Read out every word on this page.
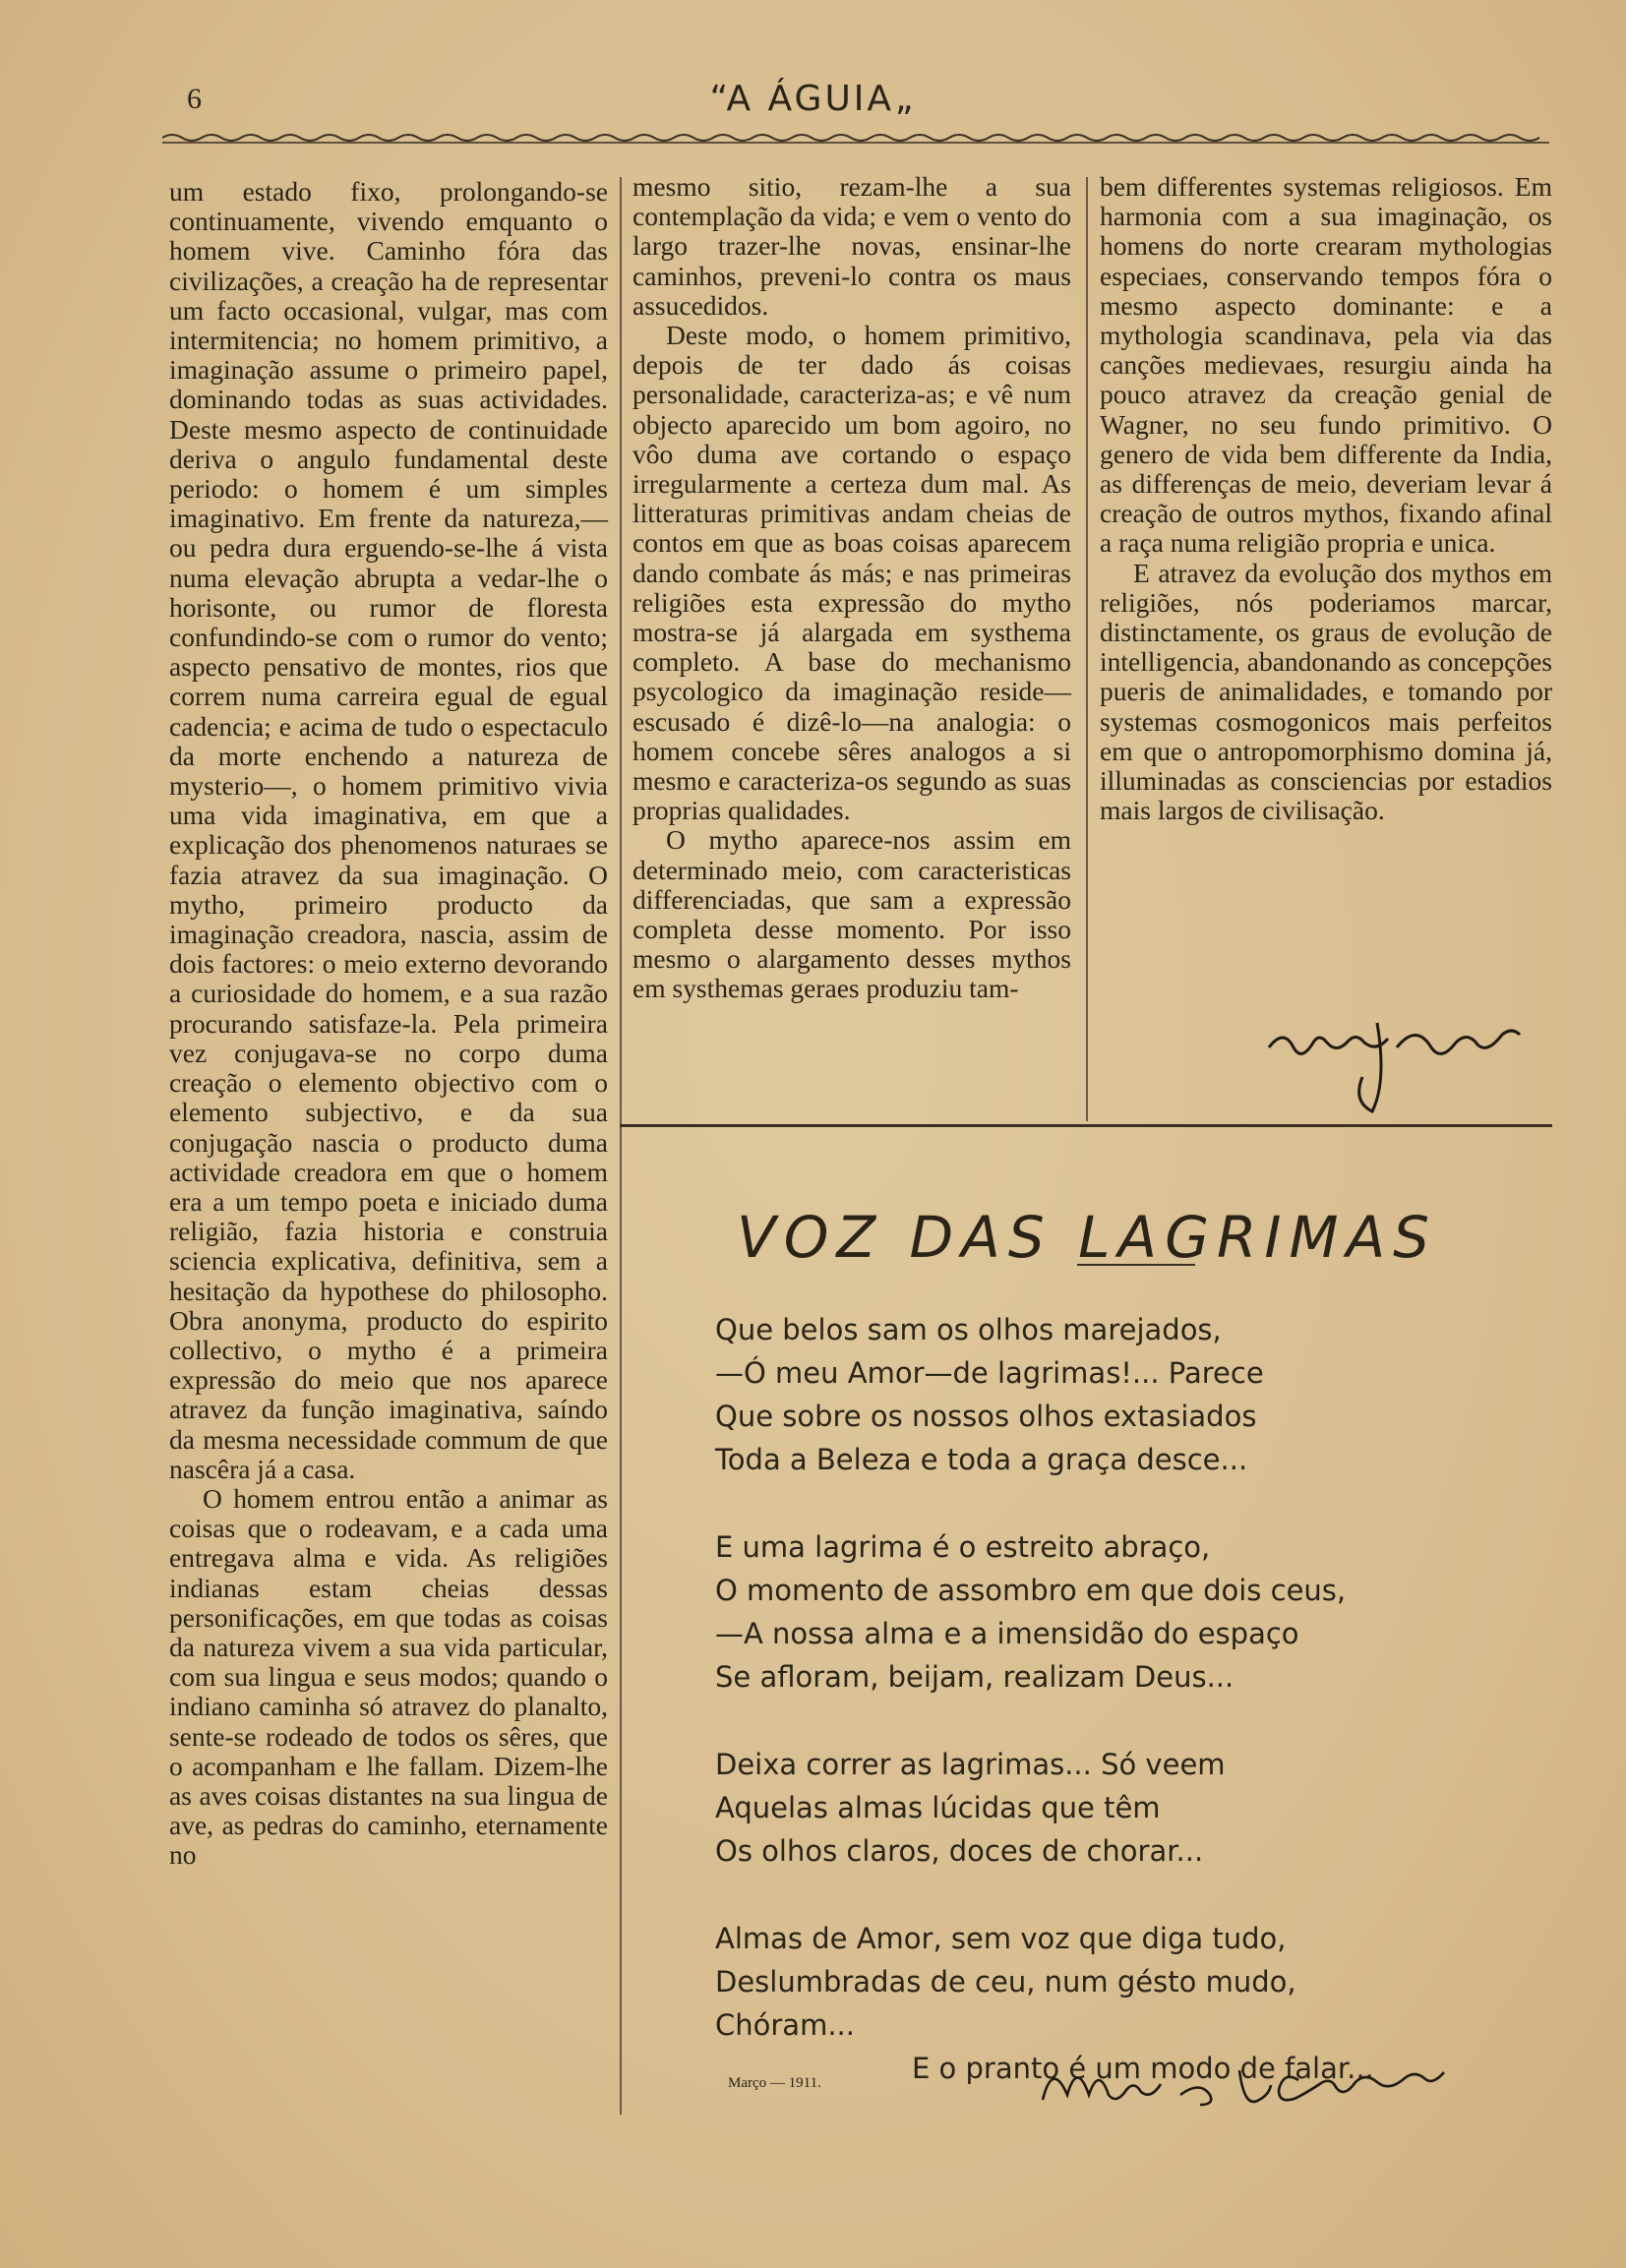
6	“A ÁGUIA„

um estado fixo, prolongando-se continuamente, vivendo emquanto o homem vive. Caminho fóra das civilizações, a creação ha de representar um facto occasional, vulgar, mas com intermitencia; no homem primitivo, a imaginação assume o primeiro papel, dominando todas as suas actividades. Deste mesmo aspecto de continuidade deriva o angulo fundamental deste periodo: o homem é um simples imaginativo. Em frente da natureza,—ou pedra dura erguendo-se-lhe á vista numa elevação abrupta a vedar-lhe o horisonte, ou rumor de floresta confundindo-se com o rumor do vento; aspecto pensativo de montes, rios que correm numa carreira egual de egual cadencia; e acima de tudo o espectaculo da morte enchendo a natureza de mysterio—, o homem primitivo vivia uma vida imaginativa, em que a explicação dos phenomenos naturaes se fazia atravez da sua imaginação. O mytho, primeiro producto da imaginação creadora, nascia, assim de dois factores: o meio externo devorando a curiosidade do homem, e a sua razão procurando satisfaze-la. Pela primeira vez conjugava-se no corpo duma creação o elemento objectivo com o elemento subjectivo, e da sua conjugação nascia o producto duma actividade creadora em que o homem era a um tempo poeta e iniciado duma religião, fazia historia e construia sciencia explicativa, definitiva, sem a hesitação da hypothese do philosopho. Obra anonyma, producto do espirito collectivo, o mytho é a primeira expressão do meio que nos aparece atravez da função imaginativa, saíndo da mesma necessidade commum de que nascêra já a casa.

O homem entrou então a animar as coisas que o rodeavam, e a cada uma entregava alma e vida. As religiões indianas estam cheias dessas personificações, em que todas as coisas da natureza vivem a sua vida particular, com sua lingua e seus modos; quando o indiano caminha só atravez do planalto, sente-se rodeado de todos os sêres, que o acompanham e lhe fallam. Dizem-lhe as aves coisas distantes na sua lingua de ave, as pedras do caminho, eternamente no

mesmo sitio, rezam-lhe a sua contemplação da vida; e vem o vento do largo trazer-lhe novas, ensinar-lhe caminhos, preveni-lo contra os maus assucedidos.

Deste modo, o homem primitivo, depois de ter dado ás coisas personalidade, caracteriza-as; e vê num objecto aparecido um bom agoiro, no vôo duma ave cortando o espaço irregularmente a certeza dum mal. As litteraturas primitivas andam cheias de contos em que as boas coisas aparecem dando combate ás más; e nas primeiras religiões esta expressão do mytho mostra-se já alargada em systhema completo. A base do mechanismo psycologico da imaginação reside—escusado é dizê-lo—na analogia: o homem concebe sêres analogos a si mesmo e caracteriza-os segundo as suas proprias qualidades.

O mytho aparece-nos assim em determinado meio, com caracteristicas differenciadas, que sam a expressão completa desse momento. Por isso mesmo o alargamento desses mythos em systhemas geraes produziu tam-

bem differentes systemas religiosos. Em harmonia com a sua imaginação, os homens do norte crearam mythologias especiaes, conservando tempos fóra o mesmo aspecto dominante: e a mythologia scandinava, pela via das canções medievaes, resurgiu ainda ha pouco atravez da creação genial de Wagner, no seu fundo primitivo. O genero de vida bem differente da India, as differenças de meio, deveriam levar á creação de outros mythos, fixando afinal a raça numa religião propria e unica.

E atravez da evolução dos mythos em religiões, nós poderiamos marcar, distinctamente, os graus de evolução de intelligencia, abandonando as concepções pueris de animalidades, e tomando por systemas cosmogonicos mais perfeitos em que o antropomorphismo domina já, illuminadas as consciencias por estadios mais largos de civilisação.

VOZ DAS LAGRIMAS
Que belos sam os olhos marejados,
—Ó meu Amor—de lagrimas!... Parece
Que sobre os nossos olhos extasiados
Toda a Beleza e toda a graça desce...
E uma lagrima é o estreito abraço,
O momento de assombro em que dois ceus,
—A nossa alma e a imensidão do espaço
Se afloram, beijam, realizam Deus...
Deixa correr as lagrimas... Só veem
Aquelas almas lúcidas que têm
Os olhos claros, doces de chorar...
Almas de Amor, sem voz que diga tudo,
Deslumbradas de ceu, num gésto mudo,
Chóram...
E o pranto é um modo de falar...
Março — 1911.
